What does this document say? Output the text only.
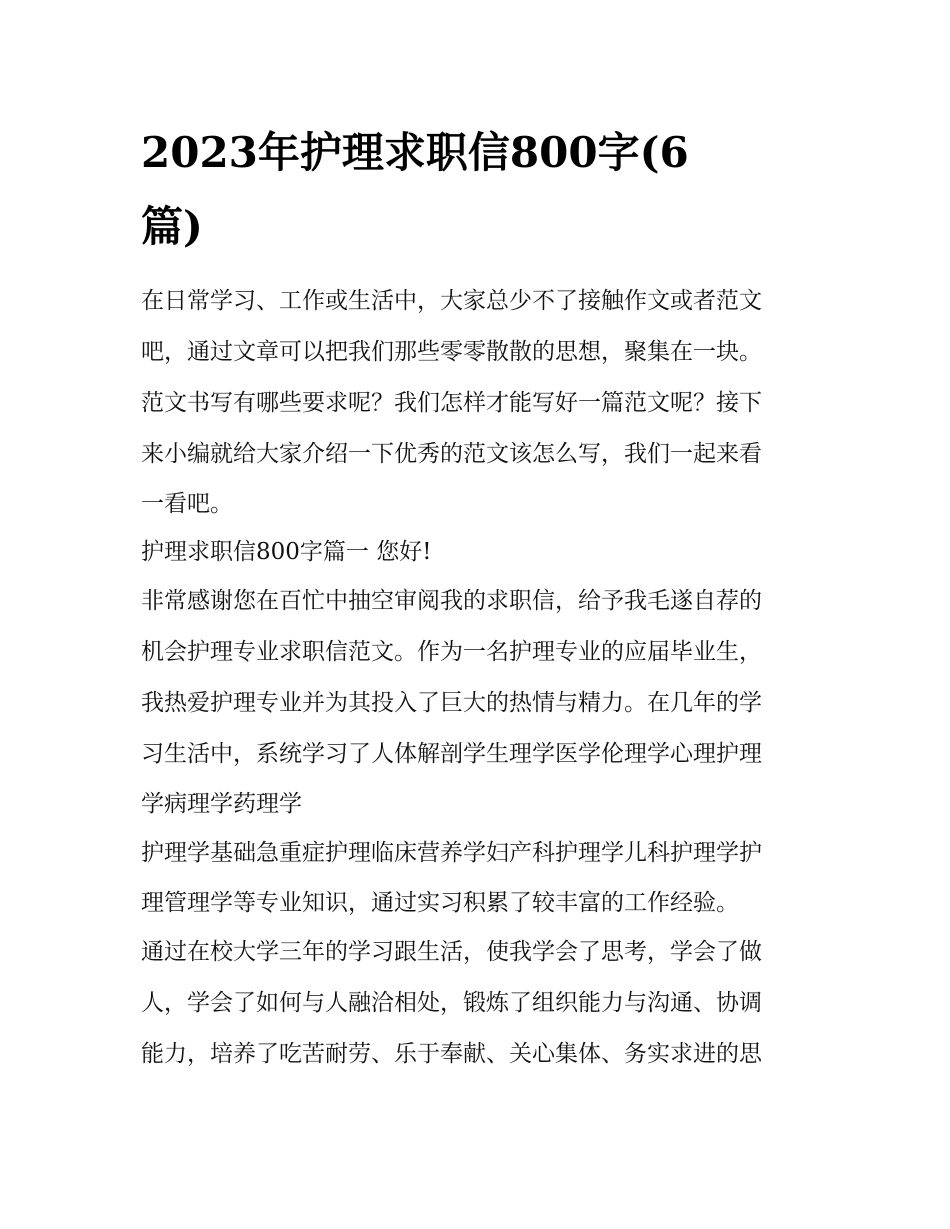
2023年护理求职信800字(6
篇)
在日常学习、工作或生活中，大家总少不了接触作文或者范文
吧，通过文章可以把我们那些零零散散的思想，聚集在一块。
范文书写有哪些要求呢？我们怎样才能写好一篇范文呢？接下
来小编就给大家介绍一下优秀的范文该怎么写，我们一起来看
一看吧。
护理求职信800字篇一 您好!
非常感谢您在百忙中抽空审阅我的求职信，给予我毛遂自荐的
机会护理专业求职信范文。作为一名护理专业的应届毕业生，
我热爱护理专业并为其投入了巨大的热情与精力。在几年的学
习生活中，系统学习了人体解剖学生理学医学伦理学心理护理
学病理学药理学
护理学基础急重症护理临床营养学妇产科护理学儿科护理学护
理管理学等专业知识，通过实习积累了较丰富的工作经验。
通过在校大学三年的学习跟生活，使我学会了思考，学会了做
人，学会了如何与人融洽相处，锻炼了组织能力与沟通、协调
能力，培养了吃苦耐劳、乐于奉献、关心集体、务实求进的思
